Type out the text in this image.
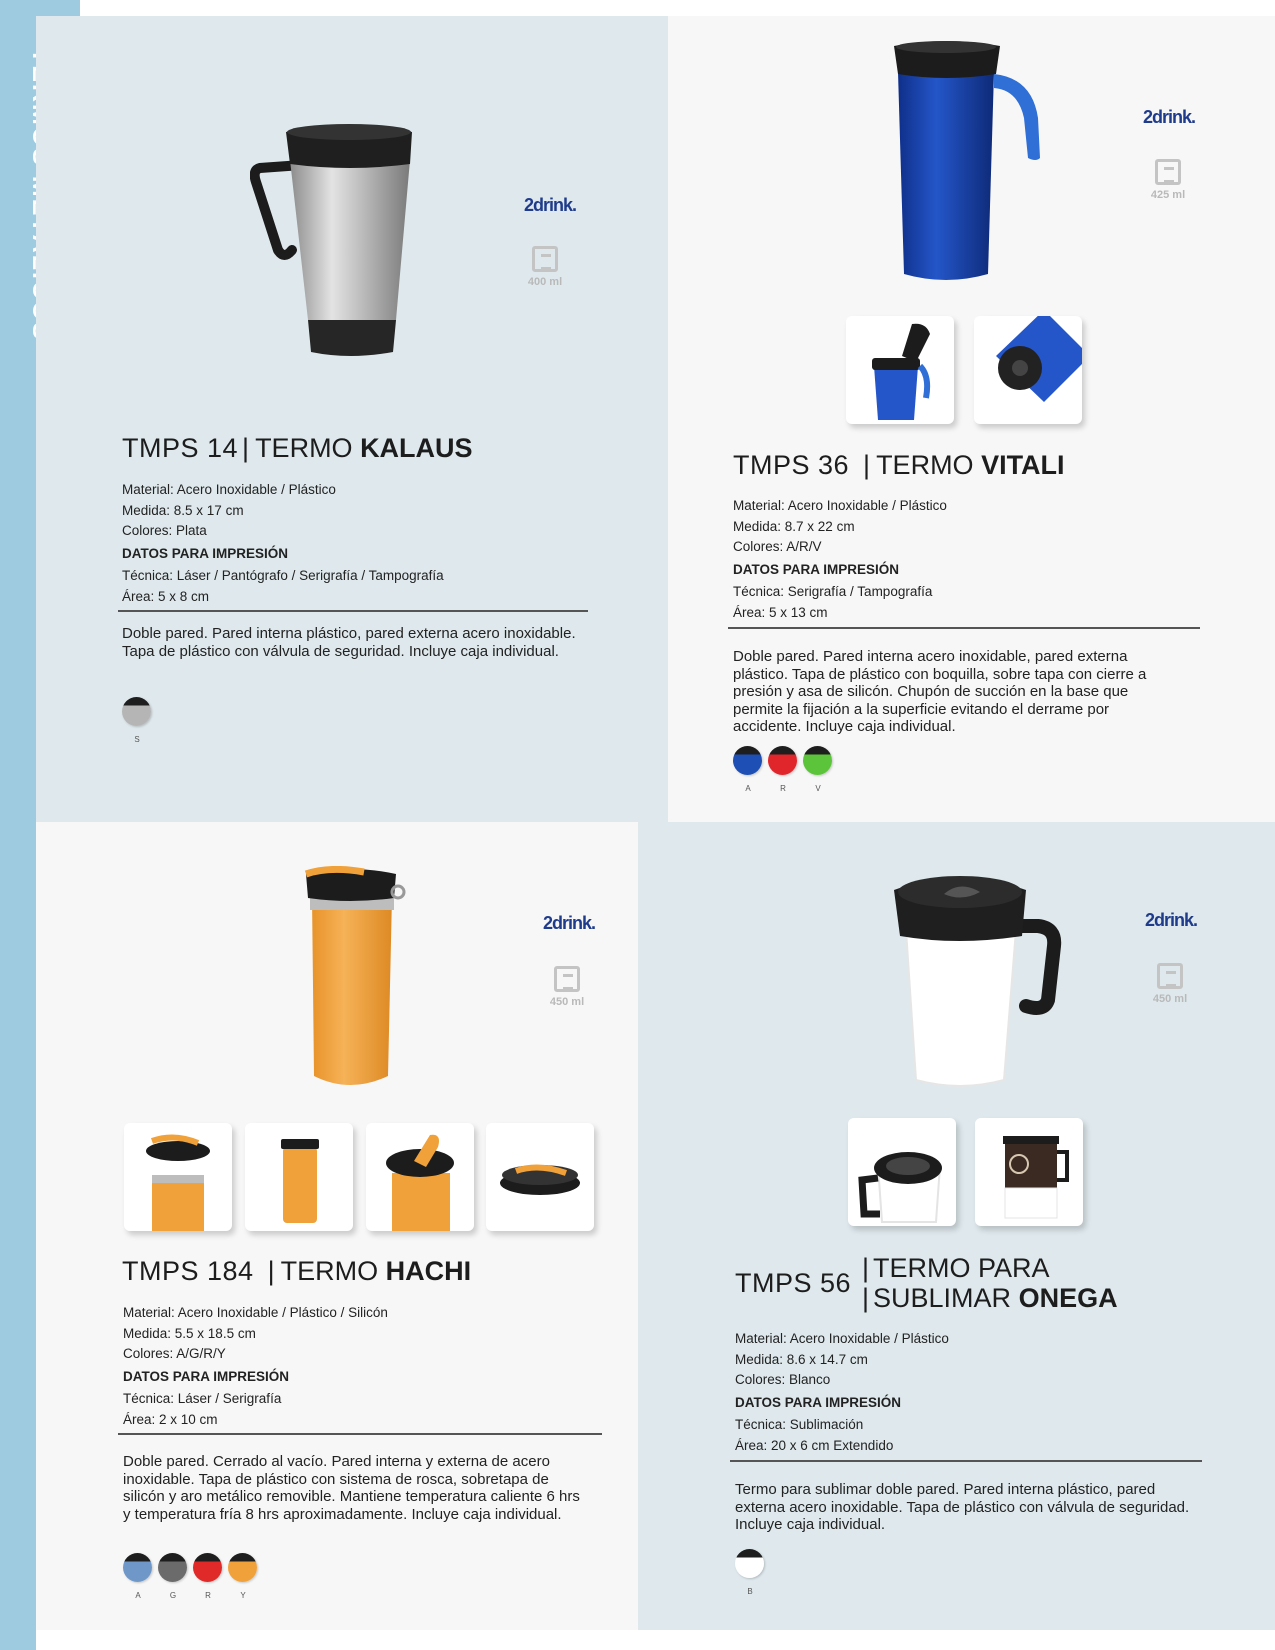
2drink.
400 ml
TMPS 14 | TERMO KALAUS
Material: Acero Inoxidable / Plástico
Medida: 8.5 x 17 cm
Colores: Plata
DATOS PARA IMPRESIÓN
Técnica: Láser / Pantógrafo / Serigrafía / Tampografía
Área: 5 x 8 cm
Doble pared. Pared interna plástico, pared externa acero inoxidable. Tapa de plástico con válvula de seguridad. Incluye caja individual.
S
2drink.
425 ml
TMPS 36 | TERMO VITALI
Material: Acero Inoxidable / Plástico
Medida: 8.7 x 22 cm
Colores: A/R/V
DATOS PARA IMPRESIÓN
Técnica: Serigrafía / Tampografía
Área: 5 x 13 cm
Doble pared. Pared interna acero inoxidable, pared externa plástico. Tapa de plástico con boquilla, sobre tapa con cierre a presión y asa de silicón. Chupón de succión en la base que permite la fijación a la superficie evitando el derrame por accidente. Incluye caja individual.
A	R	V
2drink.
450 ml
TMPS 184 | TERMO HACHI
Material: Acero Inoxidable / Plástico / Silicón
Medida: 5.5 x 18.5 cm
Colores: A/G/R/Y
DATOS PARA IMPRESIÓN
Técnica: Láser / Serigrafía
Área: 2 x 10 cm
Doble pared. Cerrado al vacío. Pared interna y externa de acero inoxidable. Tapa de plástico con sistema de rosca, sobretapa de silicón y aro metálico removible. Mantiene temperatura caliente 6 hrs y temperatura fría 8 hrs aproximadamente. Incluye caja individual.
A	G	R	Y
2drink.
450 ml
TMPS 56 | TERMO PARA
| SUBLIMAR ONEGA
Material: Acero Inoxidable / Plástico
Medida: 8.6 x 14.7 cm
Colores: Blanco
DATOS PARA IMPRESIÓN
Técnica: Sublimación
Área: 20 x 6 cm Extendido
Termo para sublimar doble pared. Pared interna plástico, pared externa acero inoxidable. Tapa de plástico con válvula de seguridad. Incluye caja individual.
B
